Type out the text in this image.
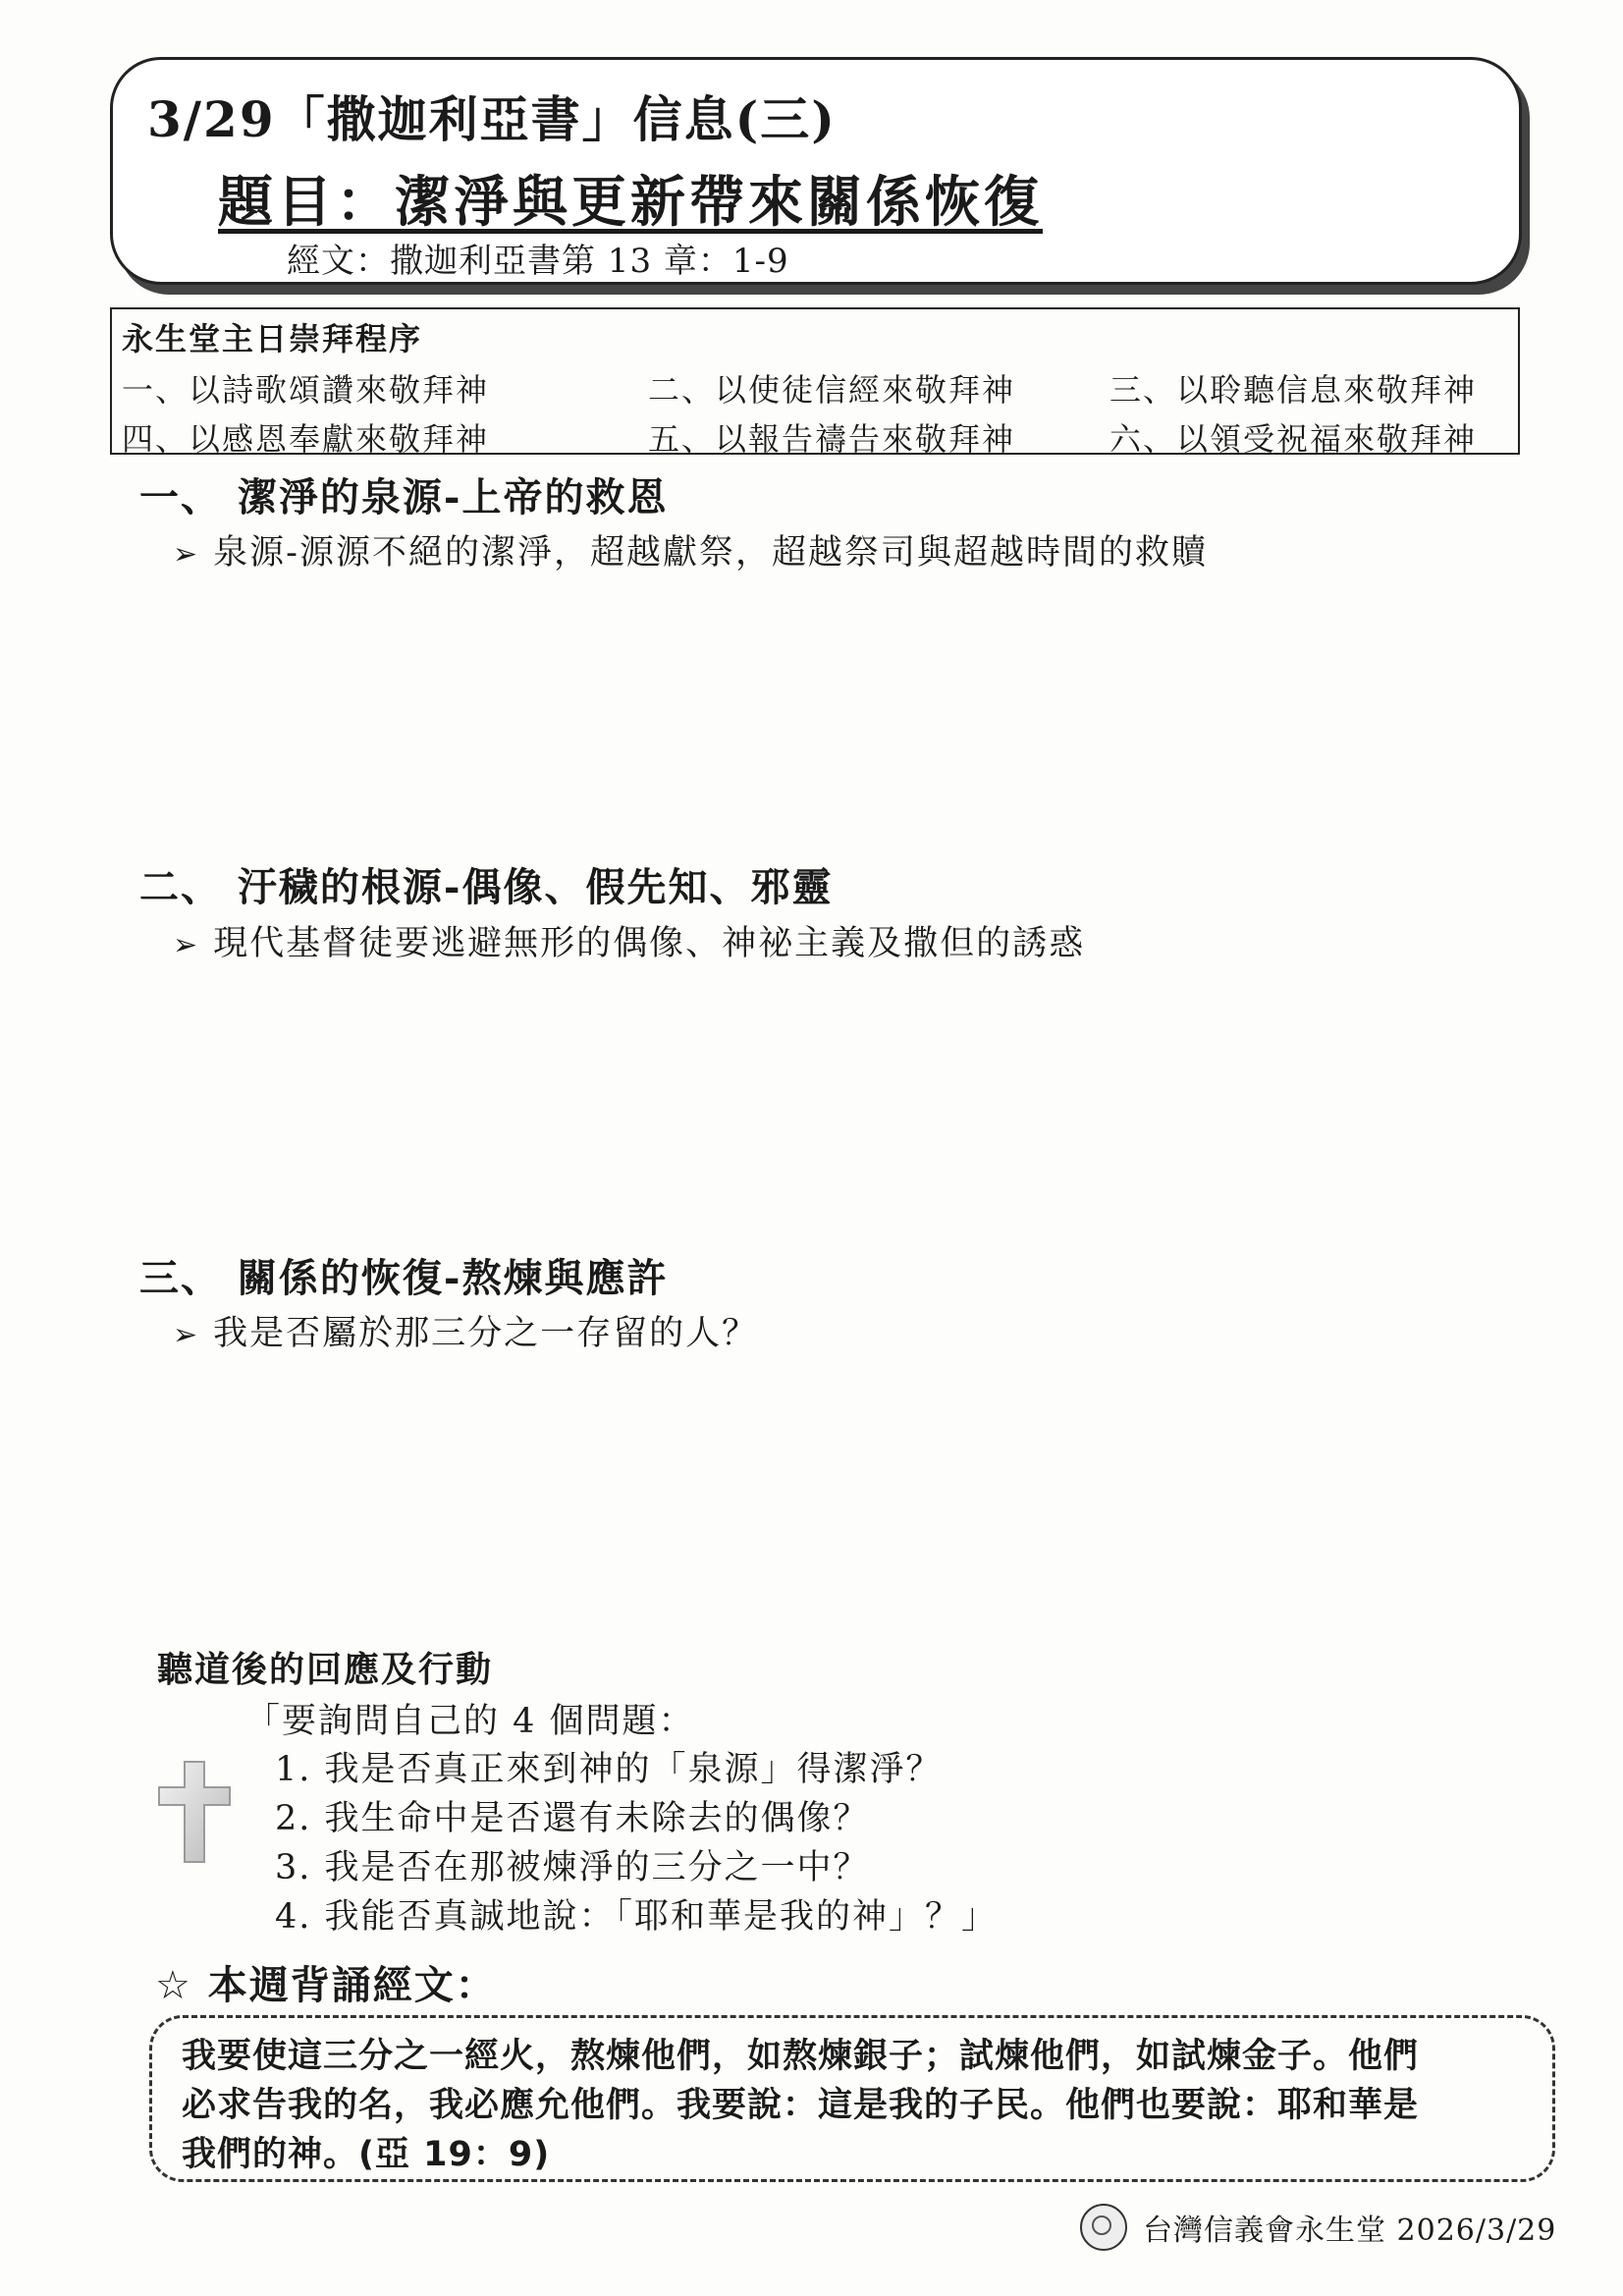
3/29「撒迦利亞書」信息(三)
題目：潔淨與更新帶來關係恢復
經文：撒迦利亞書第 13 章：1-9
永生堂主日崇拜程序
一、以詩歌頌讚來敬拜神	二、以使徒信經來敬拜神	三、以聆聽信息來敬拜神
四、以感恩奉獻來敬拜神	五、以報告禱告來敬拜神	六、以領受祝福來敬拜神
一、 潔淨的泉源-上帝的救恩
➢ 泉源-源源不絕的潔淨，超越獻祭，超越祭司與超越時間的救贖
二、 汙穢的根源-偶像、假先知、邪靈
➢ 現代基督徒要逃避無形的偶像、神祕主義及撒但的誘惑
三、 關係的恢復-熬煉與應許
➢ 我是否屬於那三分之一存留的人？
聽道後的回應及行動
「要詢問自己的 4 個問題：
1. 我是否真正來到神的「泉源」得潔淨？
2. 我生命中是否還有未除去的偶像？
3. 我是否在那被煉淨的三分之一中？
4. 我能否真誠地說：「耶和華是我的神」？」
☆ 本週背誦經文：
我要使這三分之一經火，熬煉他們，如熬煉銀子；試煉他們，如試煉金子。他們
必求告我的名，我必應允他們。我要說：這是我的子民。他們也要說：耶和華是
我們的神。(亞 19：9)
台灣信義會永生堂 2026/3/29
